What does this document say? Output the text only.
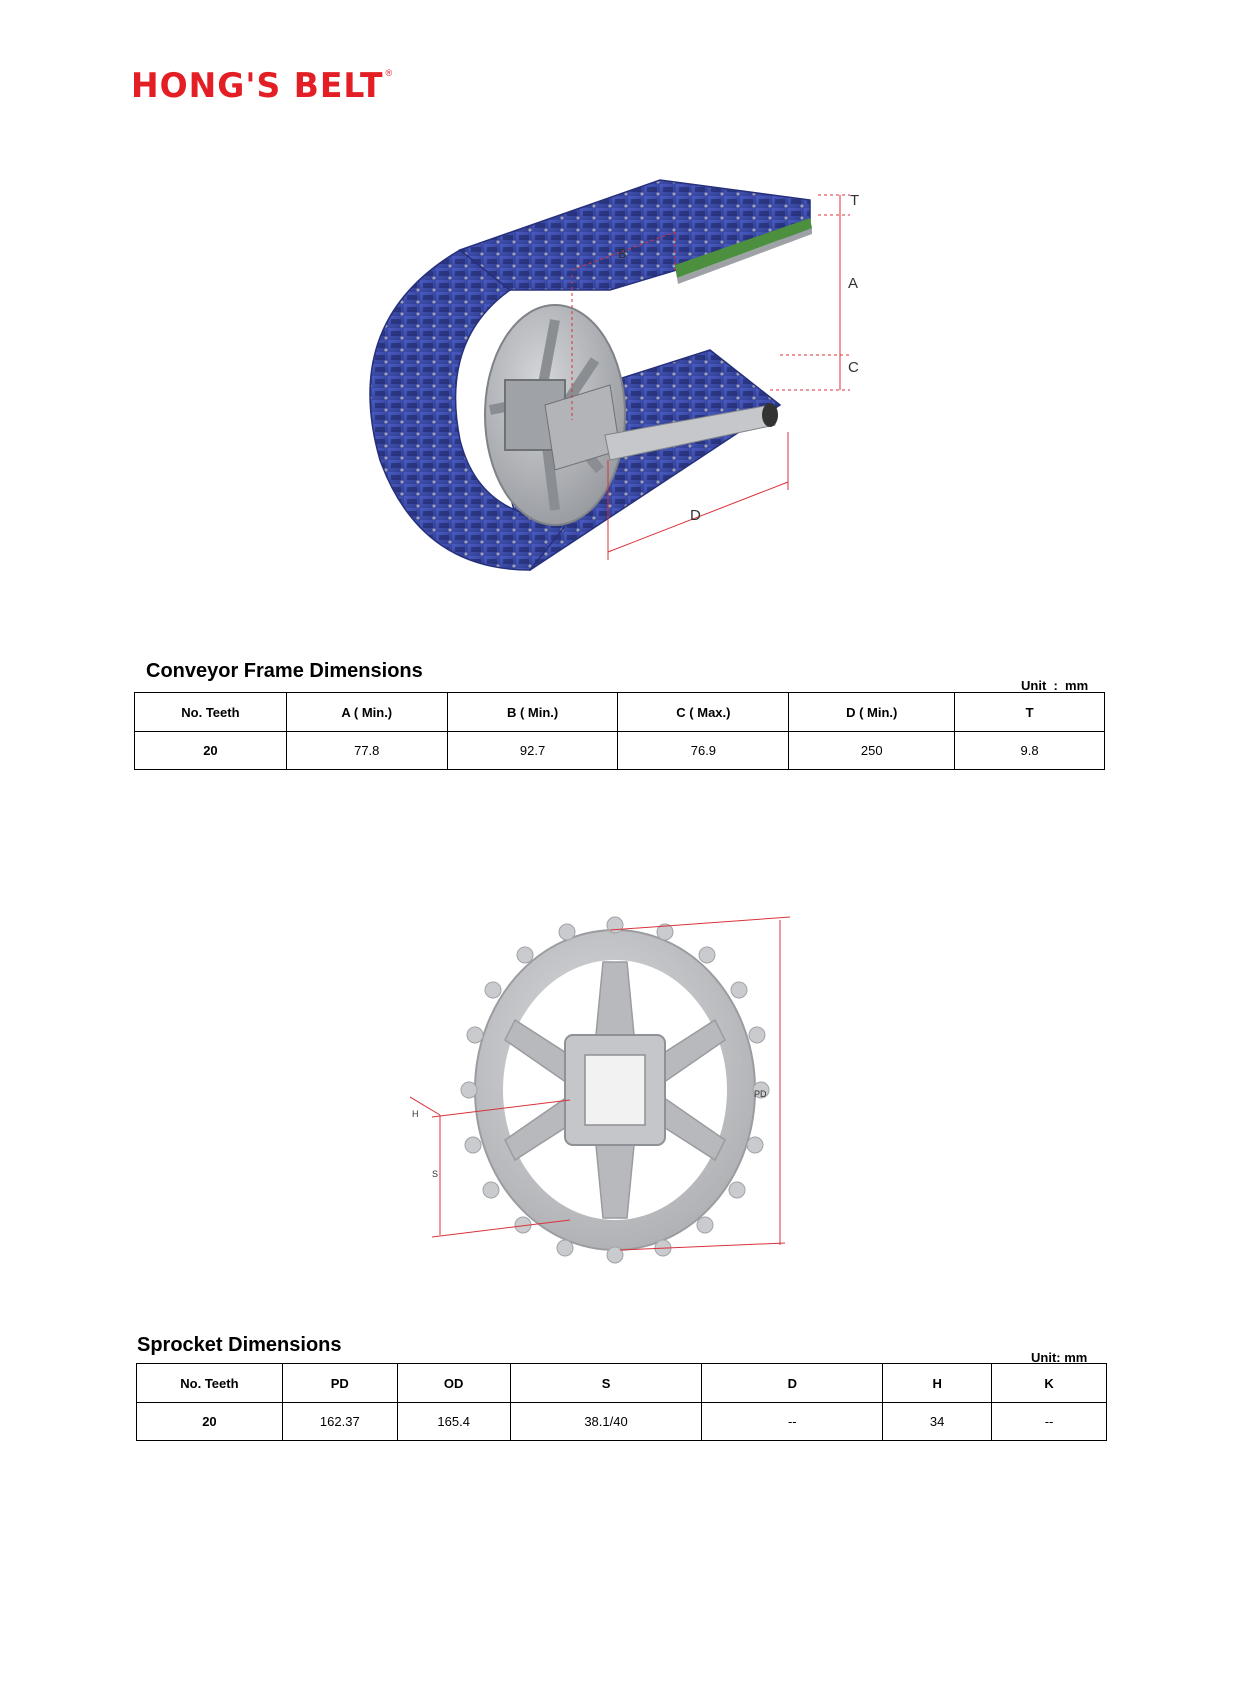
HONG'S BELT ®
T
A
B
C
D
Conveyor Frame Dimensions
Unit  :  mm
No. Teeth	A ( Min.)	B ( Min.)	C ( Max.)	D ( Min.)	T
20	77.8	92.7	76.9	250	9.8
PD
H
S
Sprocket Dimensions
Unit: mm
No. Teeth	PD	OD	S	D	H	K
20	162.37	165.4	38.1/40	--	34	--
